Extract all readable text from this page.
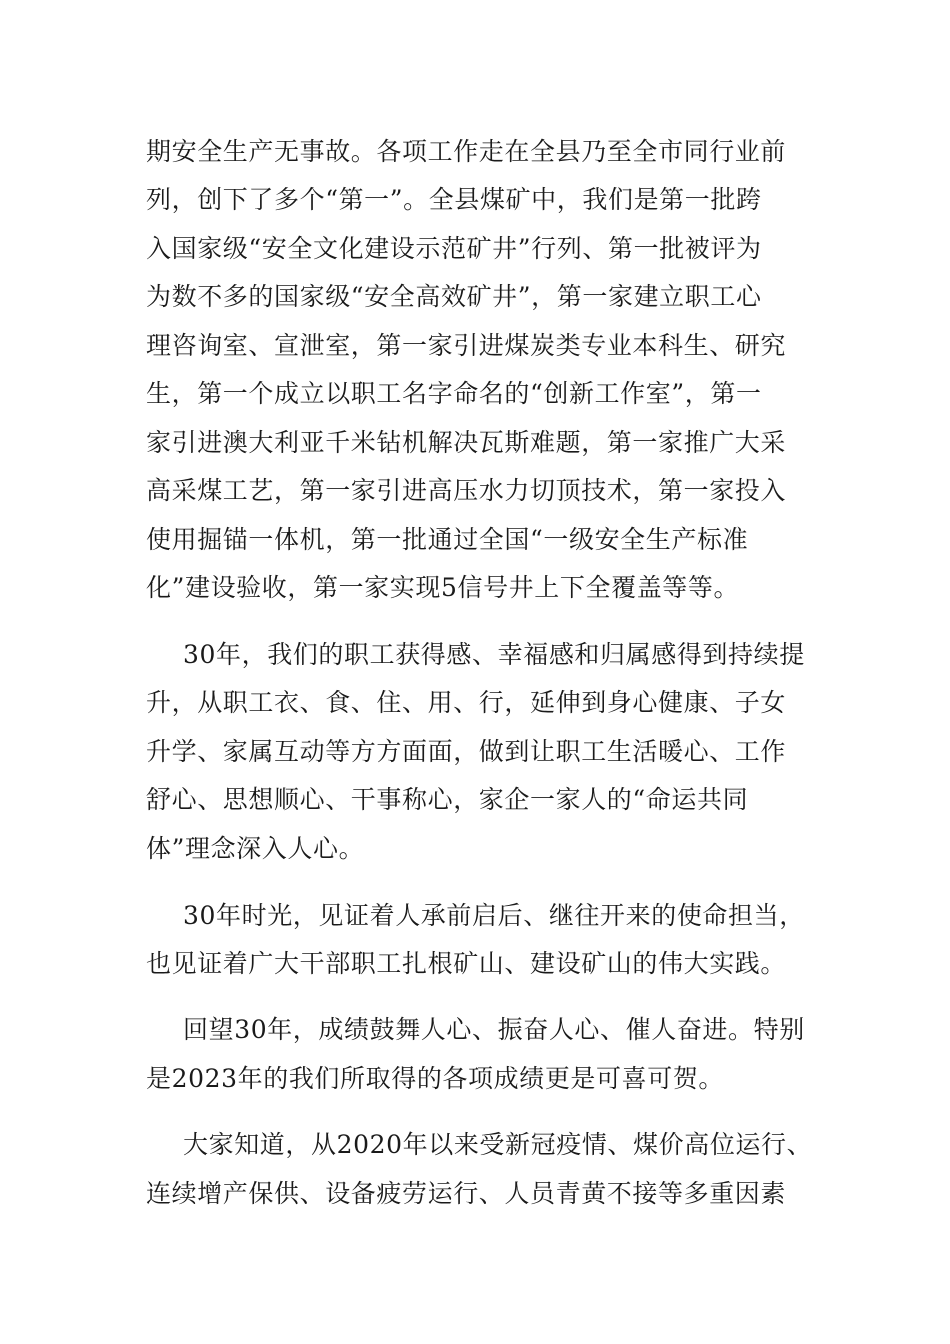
期安全生产无事故。各项工作走在全县乃至全市同行业前
列，创下了多个“第一”。全县煤矿中，我们是第一批跨
入国家级“安全文化建设示范矿井”行列、第一批被评为
为数不多的国家级“安全高效矿井”，第一家建立职工心
理咨询室、宣泄室，第一家引进煤炭类专业本科生、研究
生，第一个成立以职工名字命名的“创新工作室”，第一
家引进澳大利亚千米钻机解决瓦斯难题，第一家推广大采
高采煤工艺，第一家引进高压水力切顶技术，第一家投入
使用掘锚一体机，第一批通过全国“一级安全生产标准
化”建设验收，第一家实现5信号井上下全覆盖等等。
30年，我们的职工获得感、幸福感和归属感得到持续提
升，从职工衣、食、住、用、行，延伸到身心健康、子女
升学、家属互动等方方面面，做到让职工生活暖心、工作
舒心、思想顺心、干事称心，家企一家人的“命运共同
体”理念深入人心。
30年时光，见证着人承前启后、继往开来的使命担当，
也见证着广大干部职工扎根矿山、建设矿山的伟大实践。
回望30年，成绩鼓舞人心、振奋人心、催人奋进。特别
是2023年的我们所取得的各项成绩更是可喜可贺。
大家知道，从2020年以来受新冠疫情、煤价高位运行、
连续增产保供、设备疲劳运行、人员青黄不接等多重因素
